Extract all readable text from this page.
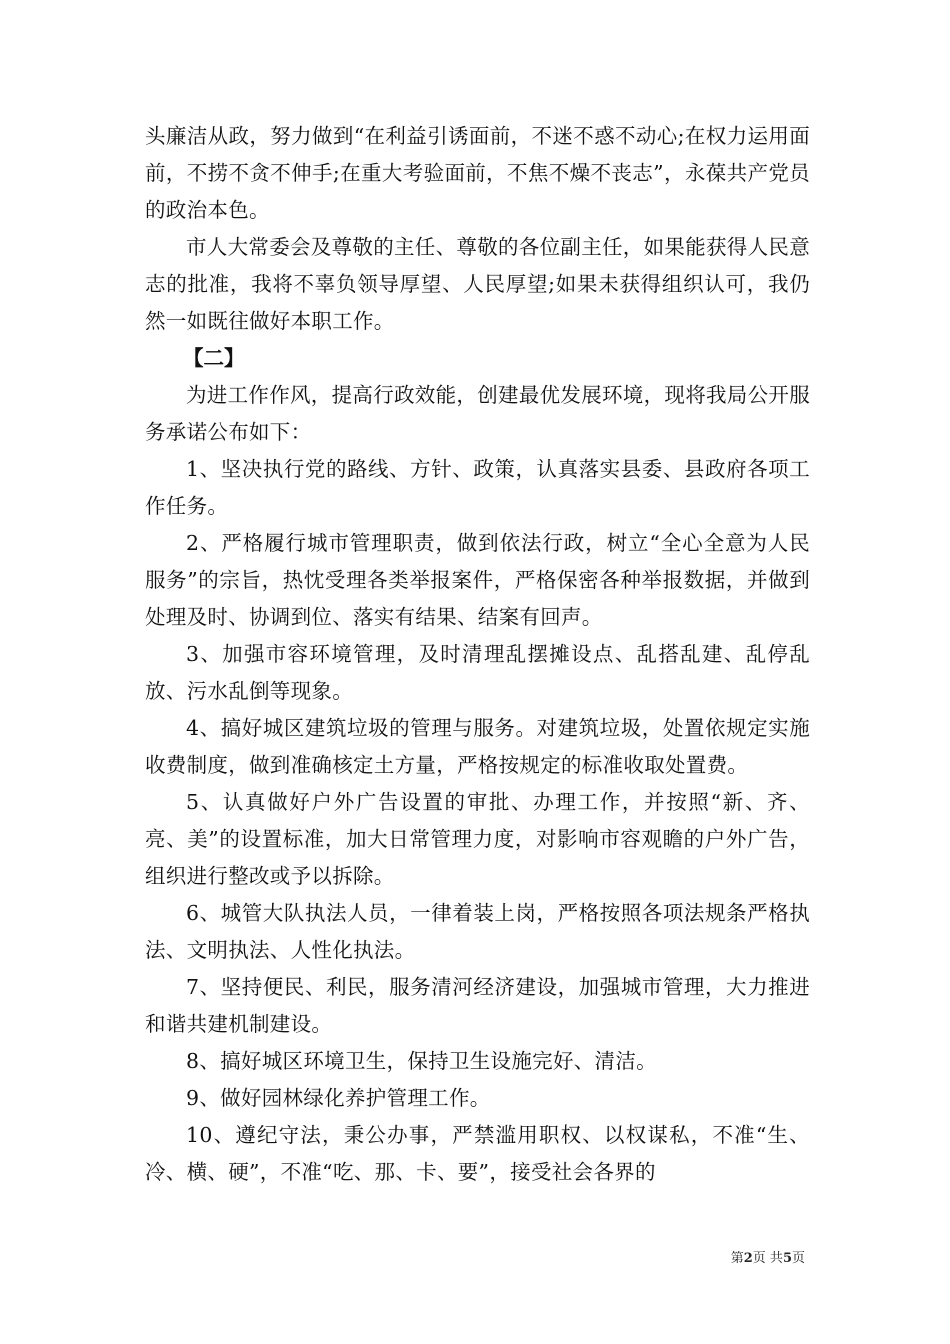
头廉洁从政，努力做到“在利益引诱面前，不迷不惑不动心;在权力运用面前，不捞不贪不伸手;在重大考验面前，不焦不燥不丧志”，永葆共产党员的政治本色。

市人大常委会及尊敬的主任、尊敬的各位副主任，如果能获得人民意志的批准，我将不辜负领导厚望、人民厚望;如果未获得组织认可，我仍然一如既往做好本职工作。

【二】

为进工作作风，提高行政效能，创建最优发展环境，现将我局公开服务承诺公布如下：

1、坚决执行党的路线、方针、政策，认真落实县委、县政府各项工作任务。

2、严格履行城市管理职责，做到依法行政，树立“全心全意为人民服务”的宗旨，热忱受理各类举报案件，严格保密各种举报数据，并做到处理及时、协调到位、落实有结果、结案有回声。

3、加强市容环境管理，及时清理乱摆摊设点、乱搭乱建、乱停乱放、污水乱倒等现象。

4、搞好城区建筑垃圾的管理与服务。对建筑垃圾，处置依规定实施收费制度，做到准确核定土方量，严格按规定的标准收取处置费。

5、认真做好户外广告设置的审批、办理工作，并按照“新、齐、亮、美”的设置标准，加大日常管理力度，对影响市容观瞻的户外广告，组织进行整改或予以拆除。

6、城管大队执法人员，一律着装上岗，严格按照各项法规条严格执法、文明执法、人性化执法。

7、坚持便民、利民，服务清河经济建设，加强城市管理，大力推进和谐共建机制建设。

8、搞好城区环境卫生，保持卫生设施完好、清洁。

9、做好园林绿化养护管理工作。

10、遵纪守法，秉公办事，严禁滥用职权、以权谋私，不准“生、冷、横、硬”，不准“吃、那、卡、要”，接受社会各界的

第2页 共5页
